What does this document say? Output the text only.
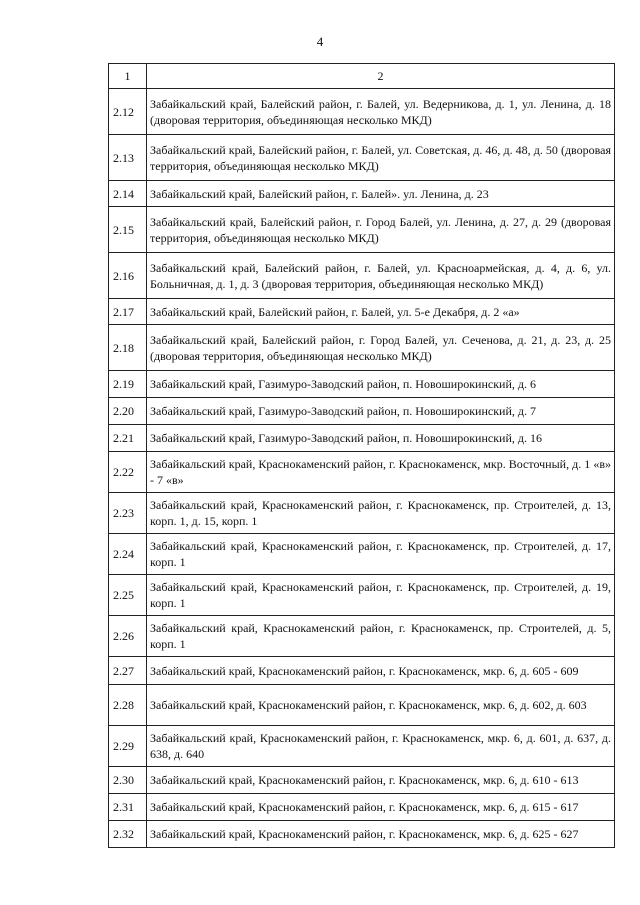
4
1	2
2.12	Забайкальский край, Балейский район, г. Балей, ул. Ведерникова, д. 1, ул. Ленина, д. 18 (дворовая территория, объединяющая несколько МКД)
2.13	Забайкальский край, Балейский район, г. Балей, ул. Советская, д. 46, д. 48, д. 50 (дворовая территория, объединяющая несколько МКД)
2.14	Забайкальский край, Балейский район, г. Балей». ул. Ленина, д. 23
2.15	Забайкальский край, Балейский район, г. Город Балей, ул. Ленина, д. 27, д. 29 (дворовая территория, объединяющая несколько МКД)
2.16	Забайкальский край, Балейский район, г. Балей, ул. Красноармейская, д. 4, д. 6, ул. Больничная, д. 1, д. 3 (дворовая территория, объединяющая несколько МКД)
2.17	Забайкальский край, Балейский район, г. Балей, ул. 5-е Декабря, д. 2 «а»
2.18	Забайкальский край, Балейский район, г. Город Балей, ул. Сеченова, д. 21, д. 23, д. 25 (дворовая территория, объединяющая несколько МКД)
2.19	Забайкальский край, Газимуро-Заводский район, п. Новоширокинский, д. 6
2.20	Забайкальский край, Газимуро-Заводский район, п. Новоширокинский, д. 7
2.21	Забайкальский край, Газимуро-Заводский район, п. Новоширокинский, д. 16
2.22	Забайкальский край, Краснокаменский район, г. Краснокаменск, мкр. Восточный, д. 1 «в» - 7 «в»
2.23	Забайкальский край, Краснокаменский район, г. Краснокаменск, пр. Строителей, д. 13, корп. 1, д. 15, корп. 1
2.24	Забайкальский край, Краснокаменский район, г. Краснокаменск, пр. Строителей, д. 17, корп. 1
2.25	Забайкальский край, Краснокаменский район, г. Краснокаменск, пр. Строителей, д. 19, корп. 1
2.26	Забайкальский край, Краснокаменский район, г. Краснокаменск, пр. Строителей, д. 5, корп. 1
2.27	Забайкальский край, Краснокаменский район, г. Краснокаменск, мкр. 6, д. 605 - 609
2.28	Забайкальский край, Краснокаменский район, г. Краснокаменск, мкр. 6, д. 602, д. 603
2.29	Забайкальский край, Краснокаменский район, г. Краснокаменск, мкр. 6, д. 601, д. 637, д. 638, д. 640
2.30	Забайкальский край, Краснокаменский район, г. Краснокаменск, мкр. 6, д. 610 - 613
2.31	Забайкальский край, Краснокаменский район, г. Краснокаменск, мкр. 6, д. 615 - 617
2.32	Забайкальский край, Краснокаменский район, г. Краснокаменск, мкр. 6, д. 625 - 627
